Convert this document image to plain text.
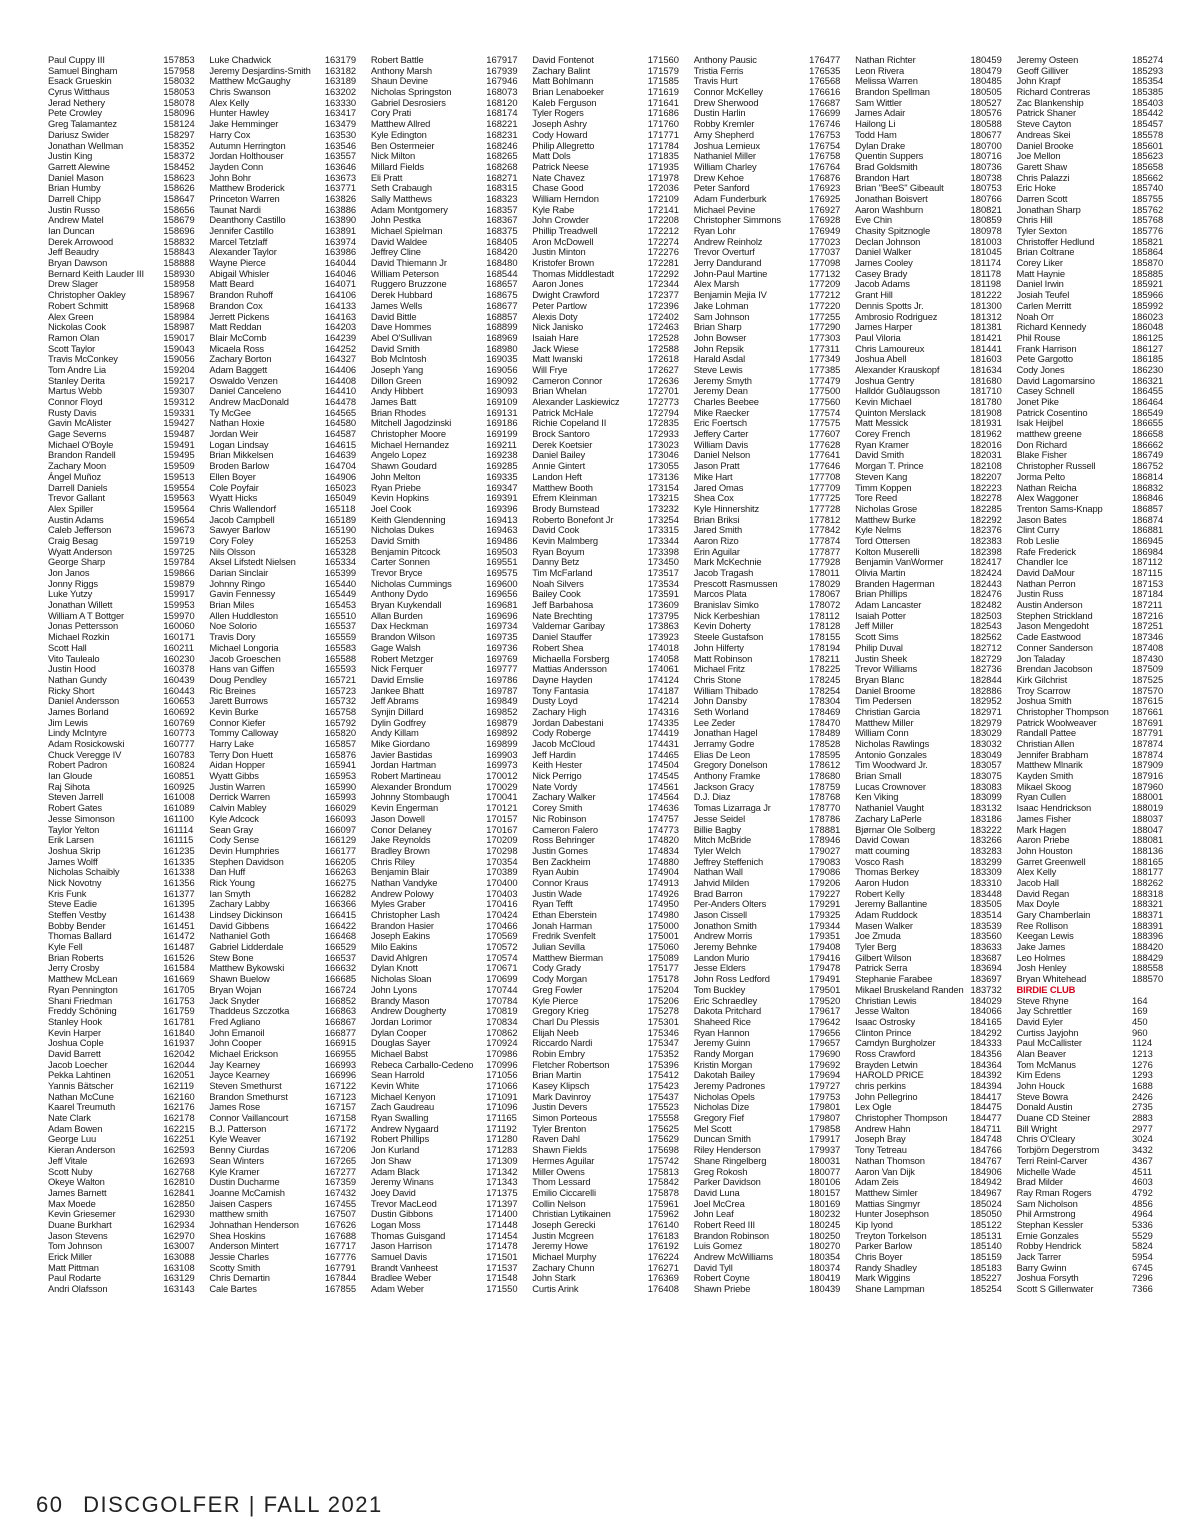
Paul Cuppy III	157853
Samuel Bingham	157958
Esack Grueskin	158032
Cyrus Witthaus	158053
Jerad Nethery	158078
Pete Crowley	158096
Greg Talamantez	158124
Dariusz Swider	158297
Jonathan Wellman	158352
Justin King	158372
Garrett Alewine	158452
Daniel Mason	158623
Brian Humby	158626
Darrell Chipp	158647
Justin Russo	158656
Andrew Matel	158679
Ian Duncan	158696
Derek Arrowood	158832
Jeff Beaudry	158843
Bryan Dawson	158888
Bernard Keith Lauder III 158930
Drew Slager	158958
Christopher Oakley	158967
Robert Schmitt	158968
Alex Green	158984
Nickolas Cook	158987
Ramon Olan	159017
Scott Taylor	159043
Travis McConkey	159056
Tom Andre Lia	159204
Stanley Derita	159217
Martus Webb	159307
Connor Floyd	159312
Rusty Davis	159331
Gavin McAlister	159427
Gage Severns	159487
Michael O'Boyle	159491
Brandon Randell	159495
Zachary Moon	159509
Ángel Muñoz	159513
Darrell Daniels	159554
Trevor Gallant	159563
Alex Spiller	159564
Austin Adams	159654
Caleb Jefferson	159673
Craig Besag	159719
Wyatt Anderson	159725
George Sharp	159784
Jon Janos	159866
Jonny Riggs	159879
Luke Yutzy	159917
Jonathan Willett	159953
William A T Bottger	159970
Jonas Pettersson	160060
Michael Rozkin	160171
Scott Hall	160211
Vito Taulealo	160230
Justin Hood	160378
Nathan Gundy	160439
Ricky Short	160443
Daniel Andersson	160653
James Borland	160692
Jim Lewis	160769
Lindy McIntyre	160773
Adam Rosickowski	160777
Chuck Veregge IV	160783
Robert Padron	160824
Ian Gloude	160851
Raj Sihota	160925
Steven Jarrell	161008
Robert Gates	161089
Jesse Simonson	161100
Taylor Yelton	161114
Erik Larsen	161115
Joshua Skrip	161235
James Wolff	161335
Nicholas Schaibly	161338
Nick Novotny	161356
Kris Funk	161377
Steve Eadie	161395
Steffen Vestby	161438
Bobby Bender	161451
Thomas Ballard	161472
Kyle Fell	161487
Brian Roberts	161526
Jerry Crosby	161584
Matthew McLean	161669
Ryan Pennington	161705
Shani Friedman	161753
Freddy Schöning	161759
Stanley Hook	161781
Kevin Harper	161840
Joshua Cople	161937
David Barrett	162042
Jacob Loecher	162044
Pekka Lahtinen	162051
Yannis Bätscher	162119
Nathan McCune	162160
Kaarel Treumuth	162176
Nate Clark	162178
Adam Bowen	162215
George Luu	162251
Kieran Anderson	162593
Jeff Vitale	162693
Scott Nuby	162768
Okeye Walton	162810
James Barnett	162841
Max Moede	162850
Kevin Griesemer	162930
Duane Burkhart	162934
Jason Stevens	162970
Tom Johnson	163007
Erick Miller	163088
Matt Pittman	163108
Paul Rodarte	163129
Andri Olafsson	163143
Luke Chadwick	163179
Jeremy Desjardins-Smith 163182
Matthew McGaughy	163189
Chris Swanson	163202
Alex Kelly	163330
Hunter Hawley	163417
Jake Hemminger	163479
Harry Cox	163530
Autumn Herrington	163546
Jordan Holthouser	163557
Jayden Conn	163646
John Bohr	163673
Matthew Broderick	163771
Princeton Warren	163826
Taunat Nardi	163886
Deanthony Castillo	163890
Jennifer Castillo	163891
Marcel Tetzlaff	163974
Alexander Taylor	163986
Wayne Pierce	164044
Abigail Whisler	164046
Matt Beard	164071
Brandon Ruhoff	164106
Brandon Cox	164133
Jerrett Pickens	164163
Matt Reddan	164203
Blair McComb	164239
Micaela Ross	164252
Zachary Borton	164327
Adam Baggett	164406
Oswaldo Venzen	164408
Daniel Canceleno	164410
Andrew MacDonald	164478
Ty McGee	164565
Nathan Hoxie	164580
Jordan Weir	164587
Logan Lindsay	164615
Brian Mikkelsen	164639
Broden Barlow	164704
Ellen Boyer	164906
Cole Poyfair	165023
Wyatt Hicks	165049
Chris Wallendorf	165118
Jacob Campbell	165189
Sawyer Barlow	165190
Cory Foley	165253
Nils Olsson	165328
Aksel Lifstedt Nielsen	165334
Darian Sinclair	165399
Johnny Ringo	165440
Gavin Fennessy	165449
Brian Miles	165453
Allen Huddleston	165510
Noe Solorio	165537
Travis Dory	165559
Michael Longoria	165583
Jacob Groeschen	165588
Hans van Giffen	165593
Doug Pendley	165721
Ric Breines	165723
Jarett Burrows	165732
Kevin Burke	165758
Connor Kiefer	165792
Tommy Calloway	165820
Harry Lake	165857
Terry Don Huett	165876
Aidan Hopper	165941
Wyatt Gibbs	165953
Justin Warren	165990
Derrick Warren	165993
Calvin Mabley	166029
Kyle Adcock	166093
Sean Gray	166097
Cody Sense	166129
Devin Humphries	166177
Stephen Davidson	166205
Dan Huff	166263
Rick Young	166275
Ian Smyth	166282
Zachary Labby	166366
Lindsey Dickinson	166415
David Gibbens	166422
Nathaniel Goth	166468
Gabriel Lidderdale	166529
Stew Bone	166537
Matthew Bykowski	166632
Shawn Buelow	166685
Bryan Wojan	166724
Jack Snyder	166852
Thaddeus Szczotka	166863
Fred Agliano	166867
John Emanoil	166877
John Cooper	166915
Michael Erickson	166955
Jay Kearney	166993
Jayce Kearney	166996
Steven Smethurst	167122
Brandon Smethurst	167123
James Rose	167157
Connor Vaillancourt	167158
B.J. Patterson	167172
Kyle Weaver	167192
Benny Ciurdas	167206
Sean Winters	167265
Kyle Kramer	167277
Dustin Ducharme	167359
Joanne McCamish	167432
Jaisen Caspers	167455
matthew smith	167507
Johnathan Henderson	167626
Shea Hoskins	167688
Anderson Mintert	167717
Jessie Charles	167776
Scotty Smith	167791
Chris Demartin	167844
Cale Bartes	167855
Robert Battle	167917
Anthony Marsh	167939
Shaun Devine	167946
Nicholas Springston	168073
Gabriel Desrosiers	168120
Cory Prati	168174
Matthew Allred	168221
Kyle Edington	168231
Ben Ostermeier	168246
Nick Milton	168265
Millard Fields	168268
Eli Pratt	168271
Seth Crabaugh	168315
Sally Matthews	168323
Adam Montgomery	168357
John Pestka	168367
Michael Spielman	168375
David Waldee	168405
Jeffrey Cline	168420
David Thiemann Jr	168480
William Peterson	168544
Ruggero Bruzzone	168657
Derek Hubbard	168675
James Wells	168677
David Bittle	168857
Dave Hommes	168899
Abel O'Sullivan	168969
David Smith	168980
Bob McIntosh	169035
Joseph Yang	169056
Dillon Green	169092
Andy Hibbert	169093
James Batt	169109
Brian Rhodes	169131
Mitchell Jagodzinski	169186
Christopher Moore	169199
Michael Hernandez	169211
Angelo Lopez	169238
Shawn Goudard	169285
John Melton	169335
Ryan Priebe	169347
Kevin Hopkins	169391
Joel Cook	169396
Keith Glendenning	169413
Nicholas Dukes	169463
David Smith	169486
Benjamin Pitcock	169503
Carter Sonnen	169551
Trevor Bryce	169575
Nicholas Cummings	169600
Anthony Dydo	169656
Bryan Kuykendall	169681
Allan Burden	169696
Dax Heckman	169734
Brandon Wilson	169735
Gage Walsh	169736
Robert Metzger	169769
Nick Ferquer	169777
David Emslie	169786
Jankee Bhatt	169787
Jeff Abrams	169849
Synjin Dillard	169852
Dylin Godfrey	169879
Andy Killam	169892
Mike Giordano	169899
Javier Bastidas	169903
Jordan Hartman	169973
Robert Martineau	170012
Alexander Brondum	170029
Johnny Stombaugh	170041
Kevin Engerman	170121
Jason Dowell	170157
Conor Delaney	170167
Jake Reynolds	170209
Bradley Brown	170298
Chris Riley	170354
Benjamin Blair	170389
Nathan Vandyke	170400
Andrew Polowy	170403
Myles Graber	170416
Christopher Lash	170424
Brandon Hasier	170466
Joseph Eakins	170569
Milo Eakins	170572
David Ahlgren	170574
Dylan Knott	170671
Nicholas Sloan	170699
John Lyons	170744
Brandy Mason	170784
Andrew Dougherty	170819
Jordan Lorimor	170834
Dylan Cooper	170862
Douglas Sayer	170924
Michael Babst	170986
Rebeca Carballo-Cedeno 170996
Sean Harrold	171056
Kevin White	171066
Michael Kenyon	171091
Zach Gaudreau	171096
Ryan Swalling	171165
Andrew Nygaard	171192
Robert Phillips	171280
Jon Kurland	171283
Jon Shaw	171309
Adam Black	171342
Jeremy Winans	171343
Joey David	171375
Trevor MacLeod	171397
Dustin Gibbons	171400
Logan Moss	171448
Thomas Guisgand	171454
Jason Harrison	171478
Samuel Davis	171501
Brandt Vanheest	171537
Bradlee Weber	171548
Adam Weber	171550
David Fontenot	171560
Zachary Balint	171579
Matt Bohlmann	171585
Brian Lenaboeker	171619
Kaleb Ferguson	171641
Tyler Rogers	171686
Joseph Ashry	171760
Cody Howard	171771
Philip Allegretto	171784
Matt Dols	171835
Patrick Neese	171935
Nate Chavez	171978
Chase Good	172036
William Herndon	172109
Kyle Rabe	172141
John Crowder	172208
Phillip Treadwell	172212
Aron McDowell	172274
Justin Minton	172276
Kristofer Brown	172281
Thomas Middlestadt	172292
Aaron Jones	172344
Dwight Crawford	172377
Peter Partlow	172396
Alexis Doty	172402
Nick Janisko	172463
Isaiah Hare	172528
Jack Wiese	172588
Matt Iwanski	172618
Will Frye	172627
Cameron Connor	172636
Brian Whelan	172701
Alexander Laskiewicz	172773
Patrick McHale	172794
Richie Copeland II	172835
Brock Santoro	172933
Derek Koetsier	173023
Daniel Bailey	173046
Annie Gintert	173055
Landon Heft	173136
Matthew Booth	173154
Efrem Kleinman	173215
Brody Bumstead	173232
Roberto Bonefont Jr	173254
David Cook	173315
Kevin Malmberg	173344
Ryan Boyum	173398
Danny Betz	173450
Tim McFarland	173517
Noah Silvers	173534
Bailey Cook	173591
Jeff Barbahosa	173609
Nate Brechting	173795
Valdemar Garibay	173863
Daniel Stauffer	173923
Robert Shea	174018
Michaella Forsberg	174058
Mattias Andersson	174061
Dayne Hayden	174124
Tony Fantasia	174187
Dusty Loyd	174214
Zachary High	174316
Jordan Dabestani	174335
Cody Roberge	174419
Jacob McCloud	174431
Jeff Hardin	174465
Keith Hester	174504
Nick Perrigo	174545
Nate Vordy	174561
Zachary Walker	174564
Corey Smith	174636
Nic Robinson	174757
Cameron Falero	174773
Ross Behringer	174820
Justin Gomes	174834
Ben Zackheim	174880
Ryan Aubin	174904
Connor Kraus	174913
Justin Wade	174926
Ryan Tefft	174950
Ethan Eberstein	174980
Jonah Harman	175000
Fredrik Svenfelt	175001
Julian Sevilla	175060
Matthew Bierman	175089
Cody Grady	175177
Cody Morgan	175178
Greg Fowler	175204
Kyle Pierce	175206
Gregory Krieg	175278
Charl Du Plessis	175301
Elijah Neeb	175346
Riccardo Nardi	175347
Robin Embry	175352
Fletcher Robertson	175396
Brian Martin	175412
Kasey Klipsch	175423
Mark Davinroy	175437
Justin Devers	175523
Simon Porteous	175558
Tyler Brenton	175625
Raven Dahl	175629
Shawn Fields	175698
Hermes Aguilar	175742
Miller Owens	175813
Thom Lessard	175842
Emilio Ciccarelli	175878
Collin Nelson	175961
Christian Lytikainen	175962
Joseph Gerecki	176140
Justin Mcgreen	176183
Jeremy Howe	176192
Michael Murphy	176224
Zachary Chunn	176271
John Stark	176369
Curtis Arink	176408
Anthony Pausic	176477
Tristia Ferris	176535
Travis Hurt	176568
Connor McKelley	176616
Drew Sherwood	176687
Dustin Harlin	176699
Robby Kremler	176746
Amy Shepherd	176753
Joshua Lemieux	176754
Nathaniel Miller	176758
William Charley	176764
Drew Kehoe	176876
Peter Sanford	176923
Adam Funderburk	176925
Michael Pevine	176927
Christopher Simmons	176928
Ryan Lohr	176949
Andrew Reinholz	177023
Trevor Overturf	177037
Jerry Dandurand	177098
John-Paul Martine	177132
Alex Marsh	177209
Benjamin Mejia IV	177212
Jake Lohman	177220
Sam Johnson	177255
Brian Sharp	177290
John Bowser	177303
John Repsik	177311
Harald Asdal	177349
Steve Lewis	177385
Jeremy Smyth	177479
Jeremy Dean	177500
Charles Beebee	177560
Mike Raecker	177574
Eric Foertsch	177575
Jeffery Carter	177607
William Davis	177628
Daniel Nelson	177641
Jason Pratt	177646
Mike Hart	177708
Jared Omas	177709
Shea Cox	177725
Kyle Hinnershitz	177728
Brian Briksi	177812
Jared Smith	177842
Aaron Rizo	177874
Erin Aguilar	177877
Mark McKechnie	177928
Jacob Tragash	178011
Prescott Rasmussen	178029
Marcos Plata	178067
Branislav Simko	178072
Nick Kerbeshian	178112
Kevin Doherty	178128
Steele Gustafson	178155
John Hilferty	178194
Matt Robinson	178211
Michael Fritz	178225
Chris Stone	178245
William Thibado	178254
John Dansby	178304
Seth Worland	178469
Lee Zeder	178470
Jonathan Hagel	178489
Jerramy Godre	178528
Elias De Leon	178595
Gregory Donelson	178612
Anthony Framke	178680
Jackson Gracy	178759
D.J. Diaz	178768
Tomas Lizarraga Jr	178770
Jesse Seidel	178786
Billie Bagby	178881
Mitch McBride	178946
Tyler Welch	179027
Jeffrey Steffenich	179083
Nathan Wall	179086
Jahvid Milden	179206
Brad Barron	179227
Per-Anders Olters	179291
Jason Cissell	179325
Jonathon Smith	179344
Andrew Morris	179351
Jeremy Behnke	179408
Landon Murio	179416
Jesse Elders	179478
John Ross Ledford	179491
Tom Buckley	179501
Eric Schraedley	179520
Dakota Pritchard	179617
Shaheed Rice	179642
Ryan Hannon	179656
Jeremy Guinn	179657
Randy Morgan	179690
Kristin Morgan	179692
Dakotah Bailey	179694
Jeremy Padrones	179727
Nicholas Opels	179753
Nicholas Dize	179801
Gregory Fief	179807
Mel Scott	179858
Duncan Smith	179917
Riley Henderson	179937
Shane Ringelberg	180031
Greg Rokosh	180077
Parker Davidson	180106
David Luna	180157
Joel McCrea	180169
John Leaf	180232
Robert Reed III	180245
Brandon Robinson	180250
Luis Gomez	180270
Andrew McWilliams	180354
David Tyll	180374
Robert Coyne	180419
Shawn Priebe	180439
Nathan Richter	180459
Leon Rivera	180479
Melissa Warren	180485
Brandon Spellman	180505
Sam Wittler	180527
James Adair	180576
Hailong Li	180588
Todd Ham	180677
Dylan Drake	180700
Quentin Suppers	180716
Brad Goldsmith	180736
Brandon Hart	180738
Brian "BeeS" Gibeault	180753
Jonathan Boisvert	180766
Aaron Washburn	180821
Eve Chin	180859
Chasity Spitznogle	180978
Declan Johnson	181003
Daniel Walker	181045
James Cooley	181174
Casey Brady	181178
Jacob Adams	181198
Grant Hill	181222
Dennis Spotts Jr.	181300
Ambrosio Rodriguez	181312
James Harper	181381
Paul Viloria	181421
Chris Lamoureux	181441
Joshua Abell	181603
Alexander Krauskopf	181634
Joshua Gentry	181680
Halldór Guðlaugsson	181710
Kevin Michael	181780
Quinton Merslack	181908
Matt Messick	181931
Corey French	181962
Ryan Kramer	182016
David Smith	182031
Morgan T. Prince	182108
Steven Kang	182207
Timm Koppen	182223
Tore Reed	182278
Nicholas Grose	182285
Matthew Burke	182292
Kyle Nelms	182376
Tord Ottersen	182383
Kolton Muserelli	182398
Benjamin VanWormer	182417
Olivia Martin	182424
Branden Hagerman	182443
Brian Phillips	182476
Adam Lancaster	182482
Isaiah Potter	182503
Jeff Miller	182543
Scott Sims	182562
Philip Duval	182712
Justin Sheek	182729
Trevor Williams	182736
Bryan Blanc	182844
Daniel Broome	182886
Tim Pedersen	182952
Christian Garcia	182971
Matthew Miller	182979
William Conn	183029
Nicholas Rawlings	183032
Antonio Gonzales	183049
Tim Woodward Jr.	183057
Brian Small	183075
Lucas Crownover	183083
Ken Viking	183099
Nathaniel Vaught	183132
Zachary LaPerle	183186
Bjørnar Ole Solberg	183222
David Cowan	183266
matt couming	183283
Vosco Rash	183299
Thomas Berkey	183309
Aaron Hudon	183310
Robert Kelly	183448
Jeremy Ballantine	183505
Adam Ruddock	183514
Masen Walker	183539
Joe Zmuda	183560
Tyler Berg	183633
Gilbert Wilson	183687
Patrick Serra	183694
Stephanie Farabee	183697
Mikael Bruskeland Randen 183732
Christian Lewis	184029
Jesse Walton	184066
Isaac Ostrosky	184165
Clinton Prince	184292
Camdyn Burgholzer	184333
Ross Crawford	184356
Brayden Letwin	184364
HAROLD PRICE	184392
chris perkins	184394
John Pellegrino	184417
Lex Ogle	184475
Christopher Thompson 184477
Andrew Hahn	184711
Joseph Bray	184748
Tony Tetreau	184766
Nathan Thomson	184767
Aaron Van Dijk	184906
Adam Zeis	184942
Matthew Simler	184967
Mattias Singmyr	185024
Hunter Josephson	185050
Kip Iyond	185122
Treyton Torkelson	185131
Parker Barlow	185140
Chris Boyer	185159
Randy Shadley	185183
Mark Wiggins	185227
Shane Lampman	185254
Jeremy Osteen	185274
Geoff Gilliver	185293
John Krapf	185354
Richard Contreras	185385
Zac Blankenship	185403
Patrick Shaner	185442
Steve Cayton	185457
Andreas Skei	185578
Daniel Brooke	185601
Joe Mellon	185623
Garett Shaw	185658
Chris Palazzi	185662
Eric Hoke	185740
Darren Scott	185755
Jonathan Sharp	185762
Chris Hill	185768
Tyler Sexton	185776
Christoffer Hedlund	185821
Brian Coltrane	185864
Corey Liker	185870
Matt Haynie	185885
Daniel Irwin	185921
Josiah Teufel	185966
Carlen Merritt	185992
Noah Orr	186023
Richard Kennedy	186048
Phil Rouse	186125
Frank Harrison	186127
Pete Gargotto	186185
Cody Jones	186230
David Lagomarsino	186321
Casey Schnell	186455
Jonet Pike	186464
Patrick Cosentino	186549
Isak Heijbel	186655
matthew greene	186658
Don Richard	186662
Blake Fisher	186749
Christopher Russell	186752
Jorma Pelto	186814
Nathan Reicha	186832
Alex Waggoner	186846
Trenton Sams-Knapp	186857
Jason Bates	186874
Clint Curry	186881
Rob Leslie	186945
Rafe Frederick	186984
Chandler Ice	187112
David DaMour	187115
Nathan Perron	187153
Justin Russ	187184
Austin Anderson	187211
Stephen Strickland	187216
Jason Mengedoht	187251
Cade Eastwood	187346
Conner Sanderson	187408
Jon Taladay	187430
Brendan Jacobson	187509
Kirk Gilchrist	187525
Troy Scarrow	187570
Joshua Smith	187615
Christopher Thompson 187661
Patrick Woolweaver	187691
Randall Pattee	187791
Christian Allen	187874
Jennifer Brabham	187874
Matthew Mlnarik	187909
Kayden Smith	187916
Mikael Skoog	187960
Ryan Cullen	188001
Isaac Hendrickson	188019
James Fisher	188037
Mark Hagen	188047
Aaron Priebe	188081
John Houston	188136
Garret Greenwell	188165
Alex Kelly	188177
Jacob Hall	188262
David Regan	188318
Max Doyle	188321
Gary Chamberlain	188371
Ree Rollison	188391
Keegan Lewis	188396
Jake James	188420
Leo Holmes	188429
Josh Henley	188558
Bryan Whitehead	188570
BIRDIE CLUB
Steve Rhyne	164
Jay Schrettler	169
David Eyler	450
Curtiss Jayjohn	960
Paul McCallister	1124
Alan Beaver	1213
Tom McManus	1276
Kim Edens	1293
John Houck	1688
Steve Bowra	2426
Donald Austin	2735
Duane CD Steiner	2883
Bill Wright	2977
Chris O'Cleary	3024
Torbjörn Degerstrom	3432
Terri Reinl-Carver	4367
Michelle Wade	4511
Brad Milder	4603
Ray Rman Rogers	4792
Sam Nicholson	4856
Phil Armstrong	4964
Stephan Kessler	5336
Ernie Gonzales	5529
Robby Hendrick	5824
Jack Tarrer	5954
Barry Gwinn	6745
Joshua Forsyth	7296
Scott S Gillenwater	7366
60 DISCGOLFER | FALL 2021
